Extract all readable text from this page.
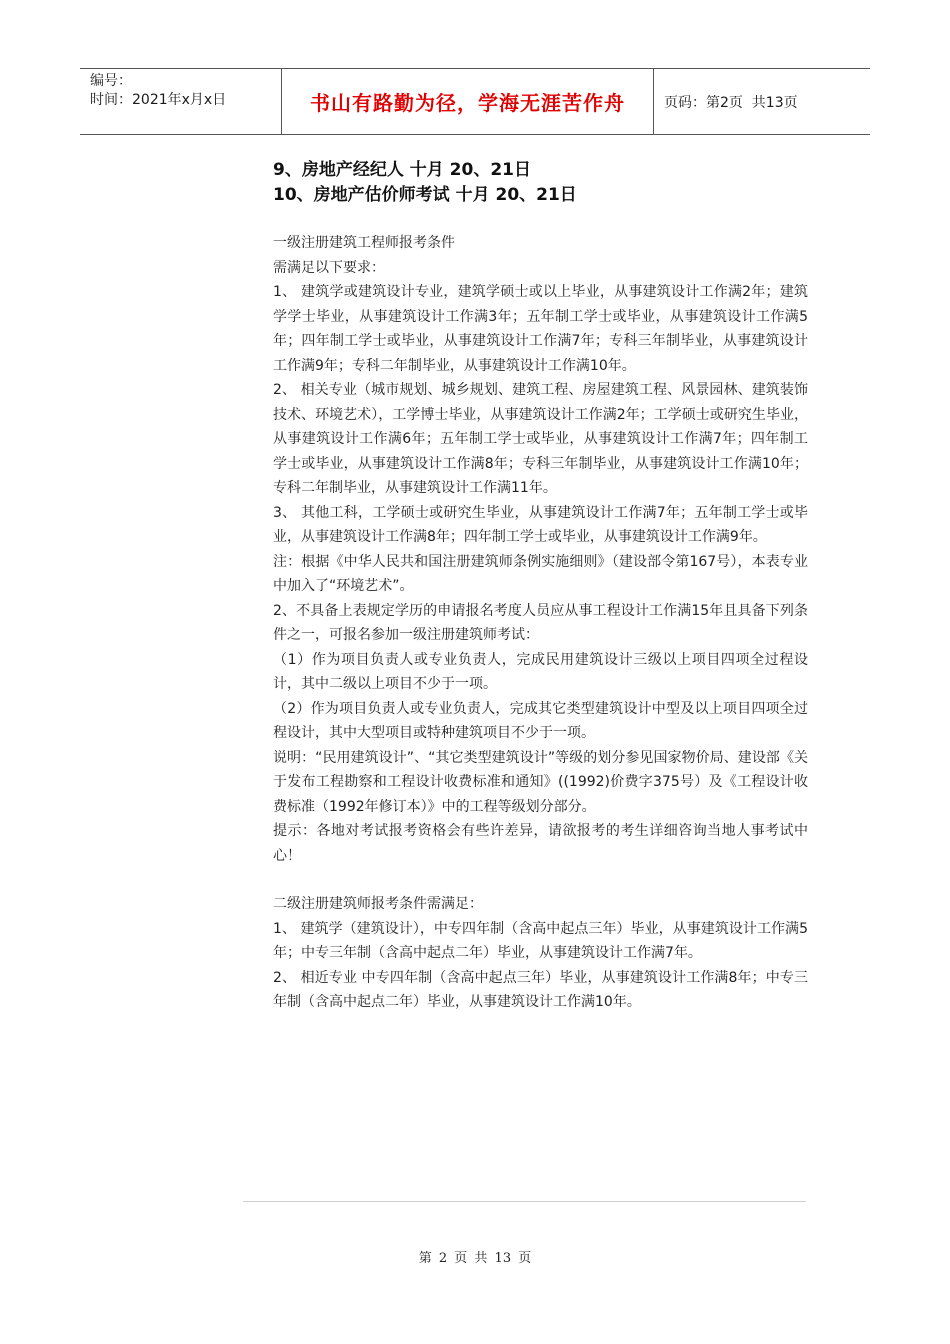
编号：
时间：2021年x月x日	书山有路勤为径，学海无涯苦作舟	页码：第2页  共13页
9、房地产经纪人 十月 20、21日
10、房地产估价师考试 十月 20、21日

一级注册建筑工程师报考条件

需满足以下要求：

1、 建筑学或建筑设计专业，建筑学硕士或以上毕业，从事建筑设计工作满2年；建筑学学士毕业，从事建筑设计工作满3年；五年制工学士或毕业，从事建筑设计工作满5年；四年制工学士或毕业，从事建筑设计工作满7年；专科三年制毕业，从事建筑设计工作满9年；专科二年制毕业，从事建筑设计工作满10年。

2、 相关专业（城市规划、城乡规划、建筑工程、房屋建筑工程、风景园林、建筑装饰技术、环境艺术），工学博士毕业，从事建筑设计工作满2年；工学硕士或研究生毕业，从事建筑设计工作满6年；五年制工学士或毕业，从事建筑设计工作满7年；四年制工学士或毕业，从事建筑设计工作满8年；专科三年制毕业，从事建筑设计工作满10年；专科二年制毕业，从事建筑设计工作满11年。

3、 其他工科，工学硕士或研究生毕业，从事建筑设计工作满7年；五年制工学士或毕业，从事建筑设计工作满8年；四年制工学士或毕业，从事建筑设计工作满9年。

注：根据《中华人民共和国注册建筑师条例实施细则》（建设部令第167号），本表专业中加入了“环境艺术”。

2、不具备上表规定学历的申请报名考度人员应从事工程设计工作满15年且具备下列条件之一，可报名参加一级注册建筑师考试：

（1）作为项目负责人或专业负责人，完成民用建筑设计三级以上项目四项全过程设计，其中二级以上项目不少于一项。

（2）作为项目负责人或专业负责人，完成其它类型建筑设计中型及以上项目四项全过程设计，其中大型项目或特种建筑项目不少于一项。

说明：“民用建筑设计”、“其它类型建筑设计”等级的划分参见国家物价局、建设部《关于发布工程勘察和工程设计收费标准和通知》((1992)价费字375号）及《工程设计收费标准（1992年修订本）》中的工程等级划分部分。

提示：各地对考试报考资格会有些许差异，请欲报考的考生详细咨询当地人事考试中心！

二级注册建筑师报考条件需满足：

1、 建筑学（建筑设计），中专四年制（含高中起点三年）毕业，从事建筑设计工作满5年；中专三年制（含高中起点二年）毕业，从事建筑设计工作满7年。

2、 相近专业 中专四年制（含高中起点三年）毕业，从事建筑设计工作满8年；中专三年制（含高中起点二年）毕业，从事建筑设计工作满10年。

第 2 页 共 13 页
